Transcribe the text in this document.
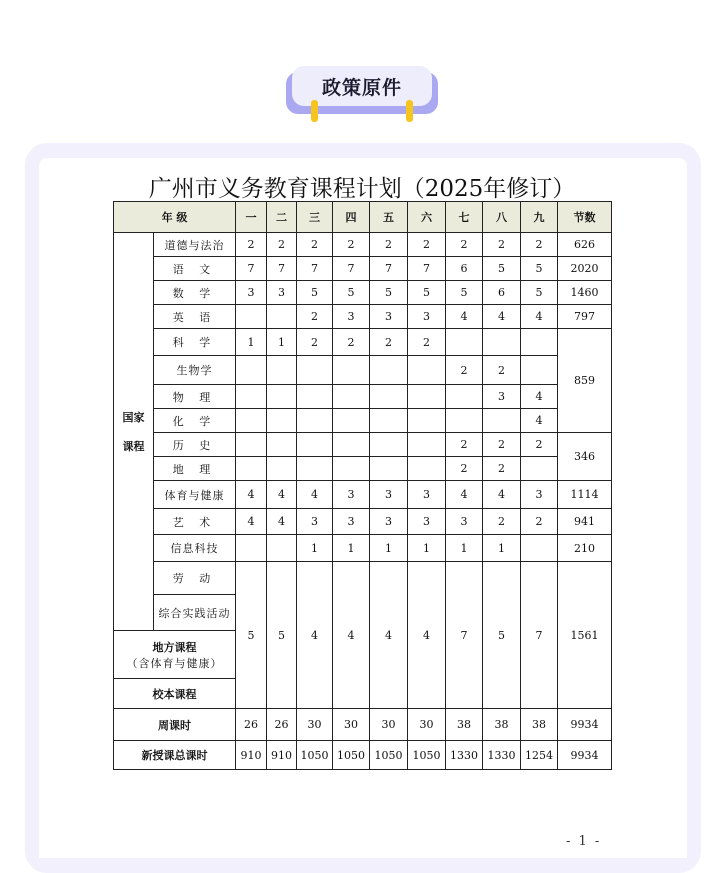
政策原件
广州市义务教育课程计划（2025年修订）
年 级		一	二	三	四	五	六	七	八	九	节数
国家

课程	道德与法治	2	2	2	2	2	2	2	2	2	626
	语 文	7	7	7	7	7	7	6	5	5	2020
	数 学	3	3	5	5	5	5	5	6	5	1460
	英 语			2	3	3	3	4	4	4	797
	科 学	1	1	2	2	2	2				859
	生物学							2	2		
	物 理								3	4	
	化 学									4	
	历 史							2	2	2	346
	地 理							2	2		
	体育与健康	4	4	4	3	3	3	4	4	3	1114
	艺 术	4	4	3	3	3	3	3	2	2	941
	信息科技			1	1	1	1	1	1		210
	劳 动	5	5	4	4	4	4	7	5	7	1561
	综合实践活动										

地方课程
（含体育与健康）											
校本课程											
周课时		26	26	30	30	30	30	38	38	38	9934
新授课总课时		910	910	1050	1050	1050	1050	1330	1330	1254	9934
- 1 -
